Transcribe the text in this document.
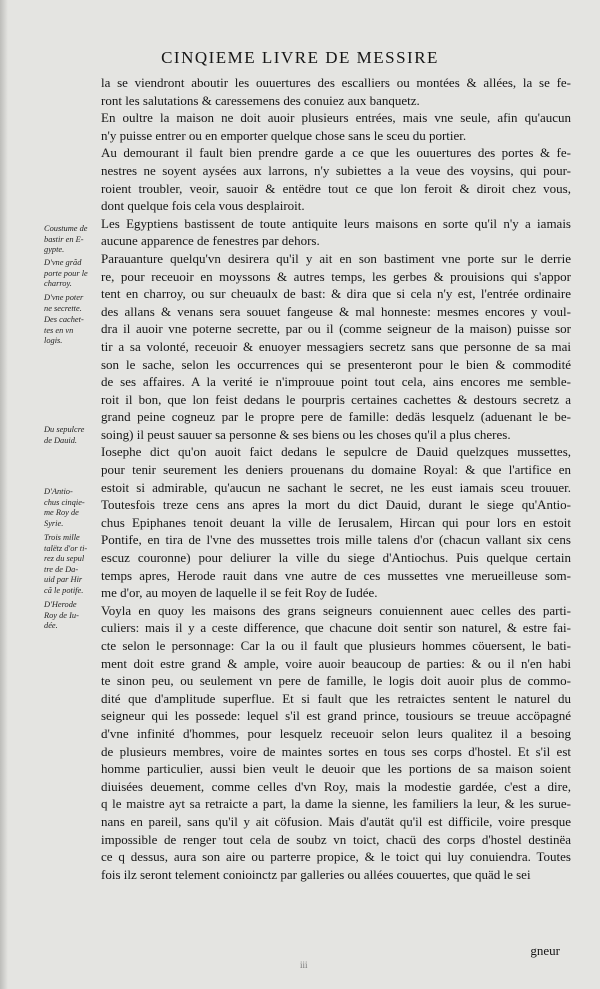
CINQIEME LIVRE DE MESSIRE

la se viendront aboutir les ouuertures des escalliers ou montées & allées, la se fe-
ront les salutations & caressemens des conuiez aux banquetz.

En oultre la maison ne doit auoir plusieurs entrées, mais vne seule, afin qu'aucun
n'y puisse entrer ou en emporter quelque chose sans le sceu du portier.

Au demourant il fault bien prendre garde a ce que les ouuertures des portes & fe-
nestres ne soyent aysées aux larrons, n'y subiettes a la veue des voysins, qui pour-
roient troubler, veoir, sauoir & entëdre tout ce que lon feroit & diroit chez vous,
dont quelque fois cela vous desplairoit.

Les Egyptiens bastissent de toute antiquite leurs maisons en sorte qu'il n'y a iamais
aucune apparence de fenestres par dehors.

Parauanture quelqu'vn desirera qu'il y ait en son bastiment vne porte sur le derrie
re, pour receuoir en moyssons & autres temps, les gerbes & prouisions qui s'appor
tent en charroy, ou sur cheuaulx de bast: & dira que si cela n'y est, l'entrée ordinaire
des allans & venans sera souuet fangeuse & mal honneste: mesmes encores y voul-
dra il auoir vne poterne secrette, par ou il (comme seigneur de la maison) puisse sor
tir a sa volonté, receuoir & enuoyer messagiers secretz sans que personne de sa mai
son le sache, selon les occurrences qui se presenteront pour le bien & commodité
de ses affaires. A la verité ie n'improuue point tout cela, ains encores me semble-
roit il bon, que lon feist dedans le pourpris certaines cachettes & destours secretz a
grand peine cogneuz par le propre pere de famille: dedäs lesquelz (aduenant le be-
soing) il peust sauuer sa personne & ses biens ou les choses qu'il a plus cheres.

Iosephe dict qu'on auoit faict dedans le sepulcre de Dauid quelzques mussettes,
pour tenir seurement les deniers prouenans du domaine Royal: & que l'artifice en
estoit si admirable, qu'aucun ne sachant le secret, ne les eust iamais sceu trouuer.
Toutesfois treze cens ans apres la mort du dict Dauid, durant le siege qu'Antio-
chus Epiphanes tenoit deuant la ville de Ierusalem, Hircan qui pour lors en estoit
Pontife, en tira de l'vne des mussettes trois mille talens d'or (chacun vallant six cens
escuz couronne) pour deliurer la ville du siege d'Antiochus. Puis quelque certain
temps apres, Herode rauit dans vne autre de ces mussettes vne merueilleuse som-
me d'or, au moyen de laquelle il se feit Roy de Iudée.

Voyla en quoy les maisons des grans seigneurs conuiennent auec celles des parti-
culiers: mais il y a ceste difference, que chacune doit sentir son naturel, & estre fai-
cte selon le personnage: Car la ou il fault que plusieurs hommes cöuersent, le bati-
ment doit estre grand & ample, voire auoir beaucoup de parties: & ou il n'en habi
te sinon peu, ou seulement vn pere de famille, le logis doit auoir plus de commo-
dité que d'amplitude superflue. Et si fault que les retraictes sentent le naturel du
seigneur qui les possede: lequel s'il est grand prince, tousiours se treuue accöpagné
d'vne infinité d'hommes, pour lesquelz receuoir selon leurs qualitez il a besoing
de plusieurs membres, voire de maintes sortes en tous ses corps d'hostel. Et s'il est
homme particulier, aussi bien veult le deuoir que les portions de sa maison soient
diuisées deuement, comme celles d'vn Roy, mais la modestie gardée, c'est a dire,
q le maistre ayt sa retraicte a part, la dame la sienne, les familiers la leur, & les surue-
nans en pareil, sans qu'il y ait cöfusion. Mais d'autät qu'il est difficile, voire presque
impossible de renger tout cela de soubz vn toict, chacü des corps d'hostel destinëa
ce q dessus, aura son aire ou parterre propice, & le toict qui luy conuiendra. Toutes
fois ilz seront telement conioinctz par galleries ou allées couuertes, que quäd le sei

Coustume de
bastir en E-
gypte.
D'vne grãd
porte pour le
charroy.
D'vne poter
ne secrette.
Des cachet-
tes en vn
logis.
Du sepulcre
de Dauid.
D'Antio-
chus cinqie-
me Roy de
Syrie.
Trois mille
talëtz d'or ti-
rez du sepul
tre de Da-
uid par Hir
cã le potife.
D'Herode
Roy de Iu-
dée.
iii
gneur
